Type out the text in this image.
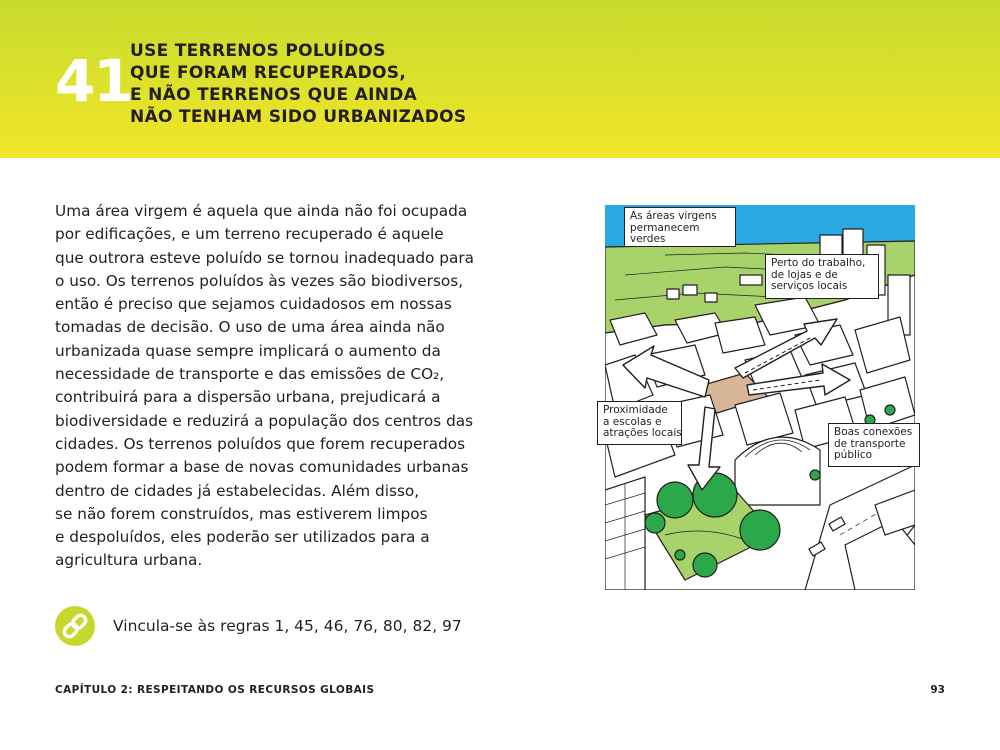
41
USE TERRENOS POLUÍDOS
QUE FORAM RECUPERADOS,
E NÃO TERRENOS QUE AINDA
NÃO TENHAM SIDO URBANIZADOS
Uma área virgem é aquela que ainda não foi ocupada
por edificações, e um terreno recuperado é aquele
que outrora esteve poluído se tornou inadequado para
o uso. Os terrenos poluídos às vezes são biodiversos,
então é preciso que sejamos cuidadosos em nossas
tomadas de decisão. O uso de uma área ainda não
urbanizada quase sempre implicará o aumento da
necessidade de transporte e das emissões de CO₂,
contribuirá para a dispersão urbana, prejudicará a
biodiversidade e reduzirá a população dos centros das
cidades. Os terrenos poluídos que forem recuperados
podem formar a base de novas comunidades urbanas
dentro de cidades já estabelecidas. Além disso,
se não forem construídos, mas estiverem limpos
e despoluídos, eles poderão ser utilizados para a
agricultura urbana.
Vincula-se às regras 1, 45, 46, 76, 80, 82, 97
As áreas virgens
permanecem
verdes
Perto do trabalho,
de lojas e de
serviços locais
Proximidade
a escolas e
atrações locais	Boas conexões
de transporte
público
CAPÍTULO 2: RESPEITANDO OS RECURSOS GLOBAIS	93
